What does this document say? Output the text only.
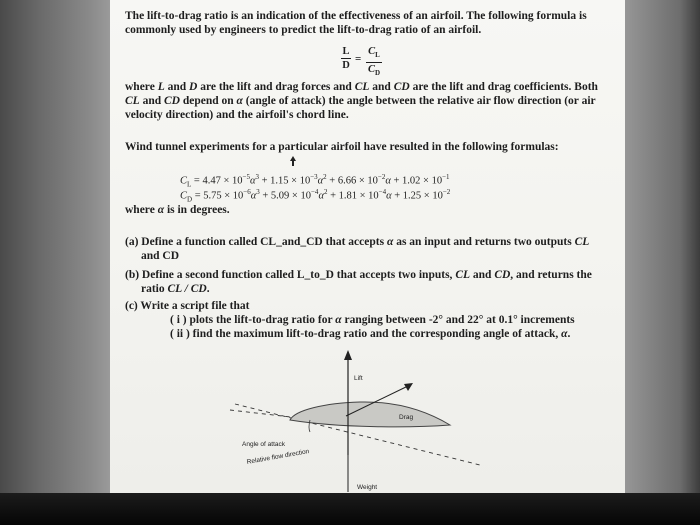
The lift-to-drag ratio is an indication of the effectiveness of an airfoil. The following formula is
commonly used by engineers to predict the lift-to-drag ratio of an airfoil.
L
D
=
$C_L$
$C_D$
where L and D are the lift and drag forces and CL and CD are the lift and drag coefficients. Both
CL and CD depend on α (angle of attack) the angle between the relative air flow direction (or air
velocity direction) and the airfoil's chord line.
Wind tunnel experiments for a particular airfoil have resulted in the following formulas:
$C_L = 4.47 \times 10^{-5}\alpha^3 + 1.15 \times 10^{-3}\alpha^2 + 6.66 \times 10^{-2}\alpha + 1.02 \times 10^{-1}$
$C_D = 5.75 \times 10^{-6}\alpha^3 + 5.09 \times 10^{-4}\alpha^2 + 1.81 \times 10^{-4}\alpha + 1.25 \times 10^{-2}$
where α is in degrees.
(a) Define a function called CL_and_CD that accepts α as an input and returns two outputs CL
and CD
(b) Define a second function called L_to_D that accepts two inputs, CL and CD, and returns the
ratio CL / CD.
(c) Write a script file that
( i ) plots the lift-to-drag ratio for α ranging between -2° and 22° at 0.1° increments
( ii ) find the maximum lift-to-drag ratio and the corresponding angle of attack, α.
Lift
Drag
Angle of attack
Relative flow direction
Weight
